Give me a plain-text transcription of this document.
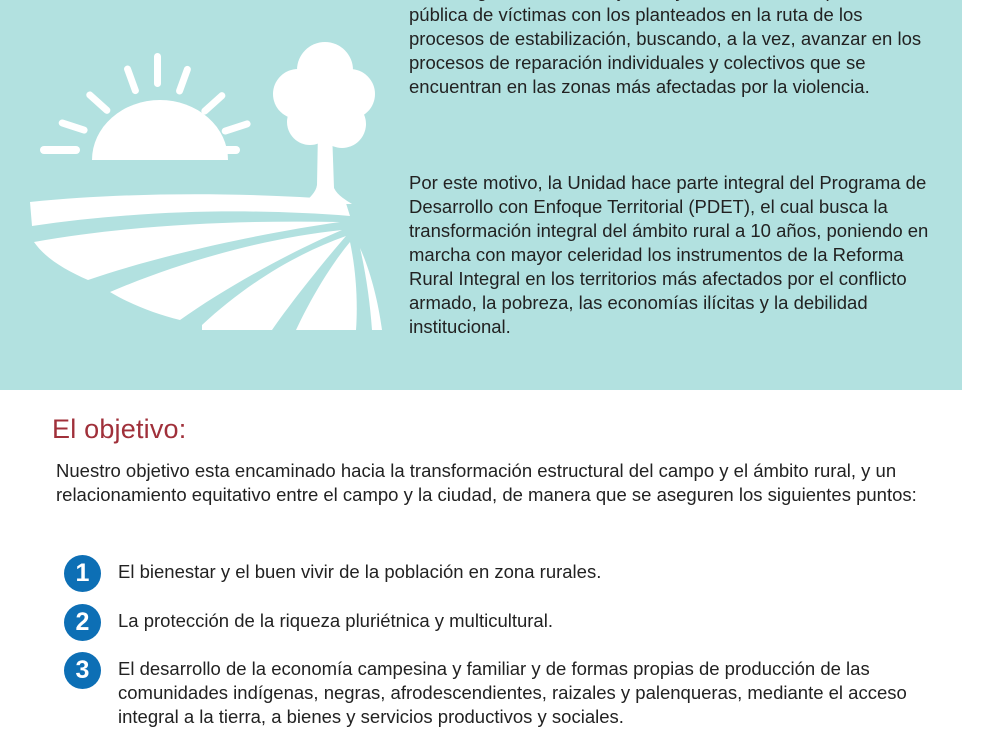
pública de víctimas con los planteados en la ruta de los procesos de estabilización, buscando, a la vez, avanzar en los procesos de reparación individuales y colectivos que se encuentran en las zonas más afectadas por la violencia.

Por este motivo, la Unidad hace parte integral del Programa de Desarrollo con Enfoque Territorial (PDET), el cual busca la transformación integral del ámbito rural a 10 años, poniendo en marcha con mayor celeridad los instrumentos de la Reforma Rural Integral en los territorios más afectados por el conflicto armado, la pobreza, las economías ilícitas y la debilidad institucional.

El objetivo:

Nuestro objetivo esta encaminado hacia la transformación estructural del campo y el ámbito rural, y un relacionamiento equitativo entre el campo y la ciudad, de manera que se aseguren los siguientes puntos:

1	El bienestar y el buen vivir de la población en zona rurales.
2	La protección de la riqueza pluriétnica y multicultural.
3	El desarrollo de la economía campesina y familiar y de formas propias de producción de las comunidades indígenas, negras, afrodescendientes, raizales y palenqueras, mediante el acceso integral a la tierra, a bienes y servicios productivos y sociales.
